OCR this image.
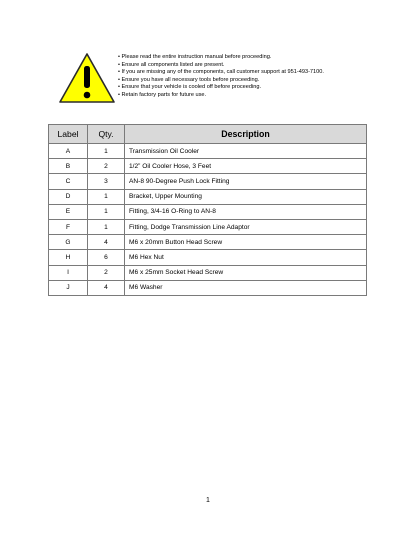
• Please read the entire instruction manual before proceeding.
• Ensure all components listed are present.
• If you are missing any of the components, call customer support at 951-493-7100.
• Ensure you have all necessary tools before proceeding.
• Ensure that your vehicle is cooled off before proceeding.
• Retain factory parts for future use.
Label	Qty.	Description
A	1	Transmission Oil Cooler
B	2	1/2” Oil Cooler Hose, 3 Feet
C	3	AN-8 90-Degree Push Lock Fitting
D	1	Bracket, Upper Mounting
E	1	Fitting, 3/4-16 O-Ring to AN-8
F	1	Fitting, Dodge Transmission Line Adaptor
G	4	M6 x 20mm Button Head Screw
H	6	M6 Hex Nut
I	2	M6 x 25mm Socket Head Screw
J	4	M6 Washer
1
